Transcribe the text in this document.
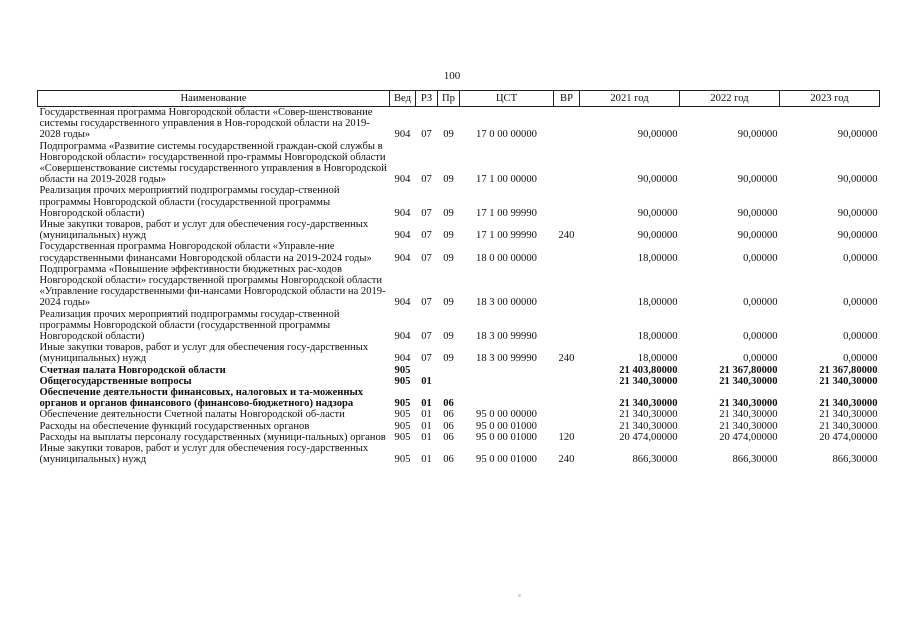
100
Наименование	Вед	РЗ	Пр	ЦСТ	ВР	2021 год	2022 год	2023 год
Государственная программа Новгородской области «Совер-шенствование системы государственного управления в Нов-городской области на 2019-2028 годы»	904	07	09	17 0 00 00000		90,00000	90,00000	90,00000
Подпрограмма «Развитие системы государственной граждан-ской службы в Новгородской области» государственной про-граммы Новгородской области «Совершенствование системы государственного управления в Новгородской области на 2019-2028 годы»	904	07	09	17 1 00 00000		90,00000	90,00000	90,00000
Реализация прочих мероприятий подпрограммы государ-ственной программы Новгородской области (государственной программы Новгородской области)	904	07	09	17 1 00 99990		90,00000	90,00000	90,00000
Иные закупки товаров, работ и услуг для обеспечения госу-дарственных (муниципальных) нужд	904	07	09	17 1 00 99990	240	90,00000	90,00000	90,00000
Государственная программа Новгородской области «Управле-ние государственными финансами Новгородской области на 2019-2024 годы»	904	07	09	18 0 00 00000		18,00000	0,00000	0,00000
Подпрограмма «Повышение эффективности бюджетных рас-ходов Новгородской области» государственной программы Новгородской области «Управление государственными фи-нансами Новгородской области на 2019-2024 годы»	904	07	09	18 3 00 00000		18,00000	0,00000	0,00000
Реализация прочих мероприятий подпрограммы государ-ственной программы Новгородской области (государственной программы Новгородской области)	904	07	09	18 3 00 99990		18,00000	0,00000	0,00000
Иные закупки товаров, работ и услуг для обеспечения госу-дарственных (муниципальных) нужд	904	07	09	18 3 00 99990	240	18,00000	0,00000	0,00000
Счетная палата Новгородской области	905					21 403,80000	21 367,80000	21 367,80000
Общегосударственные вопросы	905	01				21 340,30000	21 340,30000	21 340,30000
Обеспечение деятельности финансовых, налоговых и та-моженных органов и органов финансового (финансово-бюджетного) надзора	905	01	06			21 340,30000	21 340,30000	21 340,30000
Обеспечение деятельности Счетной палаты Новгородской об-ласти	905	01	06	95 0 00 00000		21 340,30000	21 340,30000	21 340,30000
Расходы на обеспечение функций государственных органов	905	01	06	95 0 00 01000		21 340,30000	21 340,30000	21 340,30000
Расходы на выплаты персоналу государственных (муници-пальных) органов	905	01	06	95 0 00 01000	120	20 474,00000	20 474,00000	20 474,00000
Иные закупки товаров, работ и услуг для обеспечения госу-дарственных (муниципальных) нужд	905	01	06	95 0 00 01000	240	866,30000	866,30000	866,30000
